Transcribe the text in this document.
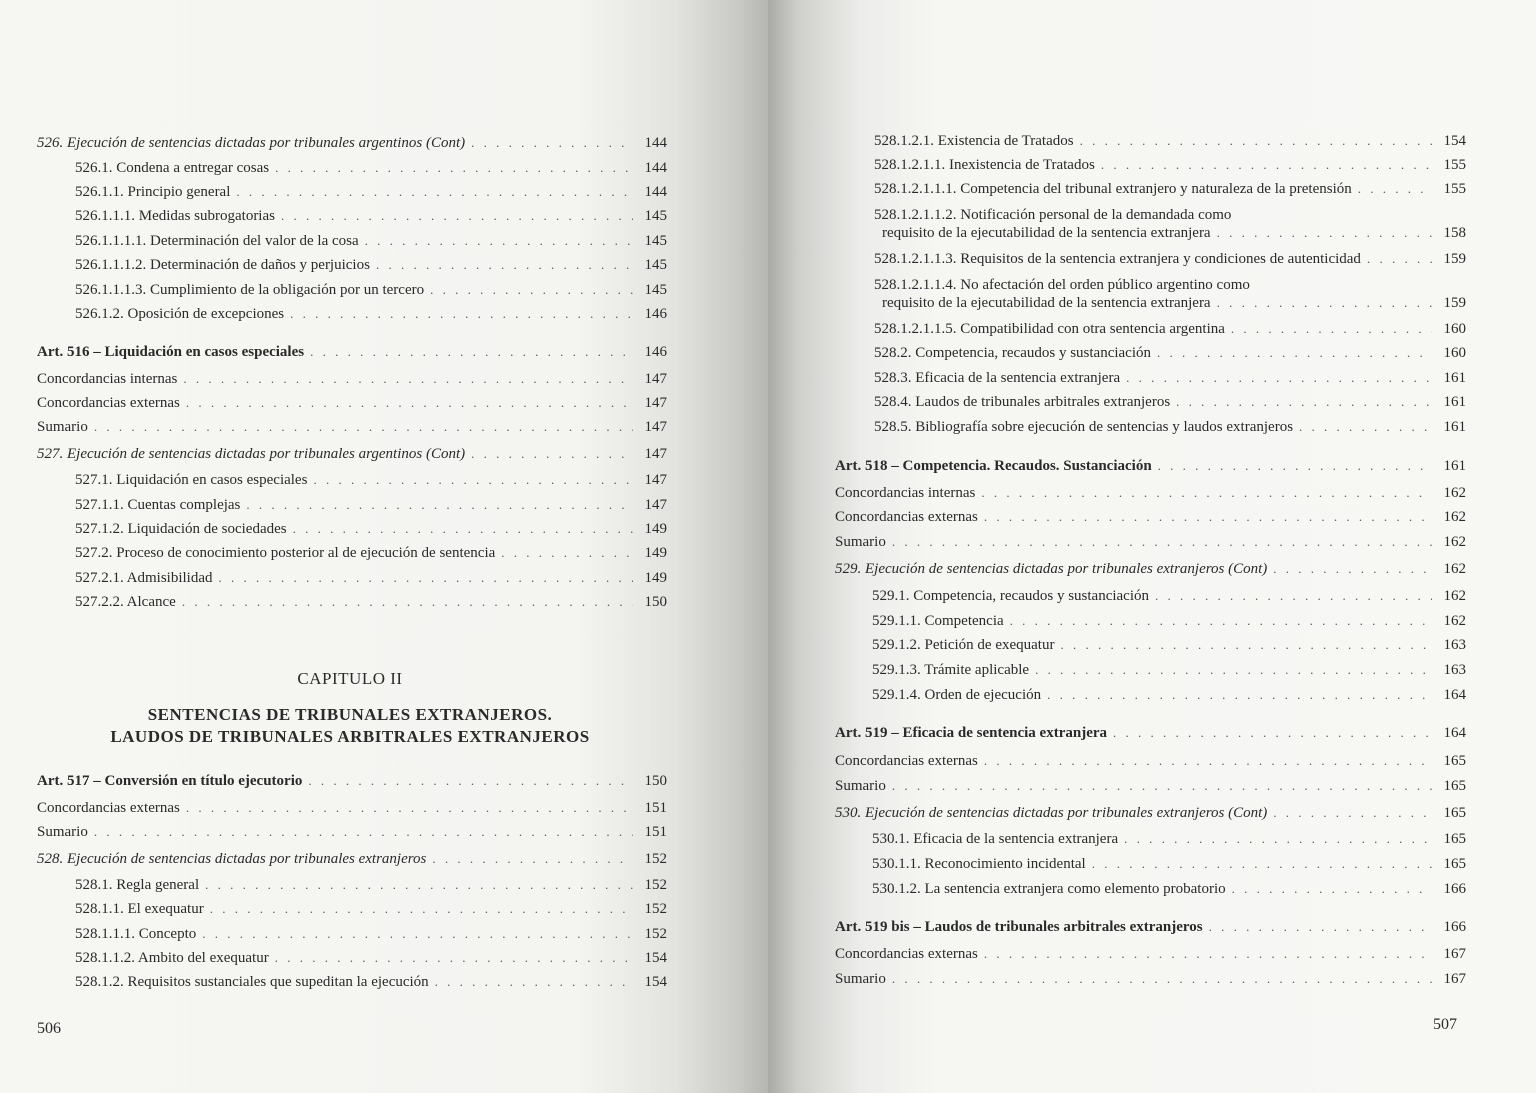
526. Ejecución de sentencias dictadas por tribunales argentinos (Cont) . . .	144
526.1. Condena a entregar cosas . . .	144
526.1.1. Principio general . . .	144
526.1.1.1. Medidas subrogatorias . . .	145
526.1.1.1.1. Determinación del valor de la cosa . . .	145
526.1.1.1.2. Determinación de daños y perjuicios . . .	145
526.1.1.1.3. Cumplimiento de la obligación por un tercero . . .	145
526.1.2. Oposición de excepciones . . .	146
Art. 516 – Liquidación en casos especiales . . .	146
Concordancias internas . . .	147
Concordancias externas . . .	147
Sumario . . .	147
527. Ejecución de sentencias dictadas por tribunales argentinos (Cont) . . .	147
527.1. Liquidación en casos especiales . . .	147
527.1.1. Cuentas complejas . . .	147
527.1.2. Liquidación de sociedades . . .	149
527.2. Proceso de conocimiento posterior al de ejecución de sentencia . . .	149
527.2.1. Admisibilidad . . .	149
527.2.2. Alcance . . .	150
CAPITULO II
SENTENCIAS DE TRIBUNALES EXTRANJEROS.
LAUDOS DE TRIBUNALES ARBITRALES EXTRANJEROS
Art. 517 – Conversión en título ejecutorio . . .	150
Concordancias externas . . .	151
Sumario . . .	151
528. Ejecución de sentencias dictadas por tribunales extranjeros . . .	152
528.1. Regla general . . .	152
528.1.1. El exequatur . . .	152
528.1.1.1. Concepto . . .	152
528.1.1.2. Ambito del exequatur . . .	154
528.1.2. Requisitos sustanciales que supeditan la ejecución . . .	154
506
528.1.2.1. Existencia de Tratados . . .	154
528.1.2.1.1. Inexistencia de Tratados . . .	155
528.1.2.1.1.1. Competencia del tribunal extranjero y naturaleza de la pretensión . . .	155
528.1.2.1.1.2. Notificación personal de la demandada como
requisito de la ejecutabilidad de la sentencia extranjera . . .	158
528.1.2.1.1.3. Requisitos de la sentencia extranjera y condiciones de autenticidad . . .	159
528.1.2.1.1.4. No afectación del orden público argentino como
requisito de la ejecutabilidad de la sentencia extranjera . . .	159
528.1.2.1.1.5. Compatibilidad con otra sentencia argentina . . .	160
528.2. Competencia, recaudos y sustanciación . . .	160
528.3. Eficacia de la sentencia extranjera . . .	161
528.4. Laudos de tribunales arbitrales extranjeros . . .	161
528.5. Bibliografía sobre ejecución de sentencias y laudos extranjeros . . .	161
Art. 518 – Competencia. Recaudos. Sustanciación . . .	161
Concordancias internas . . .	162
Concordancias externas . . .	162
Sumario . . .	162
529. Ejecución de sentencias dictadas por tribunales extranjeros (Cont) . . .	162
529.1. Competencia, recaudos y sustanciación . . .	162
529.1.1. Competencia . . .	162
529.1.2. Petición de exequatur . . .	163
529.1.3. Trámite aplicable . . .	163
529.1.4. Orden de ejecución . . .	164
Art. 519 – Eficacia de sentencia extranjera . . .	164
Concordancias externas . . .	165
Sumario . . .	165
530. Ejecución de sentencias dictadas por tribunales extranjeros (Cont) . . .	165
530.1. Eficacia de la sentencia extranjera . . .	165
530.1.1. Reconocimiento incidental . . .	165
530.1.2. La sentencia extranjera como elemento probatorio . . .	166
Art. 519 bis – Laudos de tribunales arbitrales extranjeros . . .	166
Concordancias externas . . .	167
Sumario . . .	167
507
